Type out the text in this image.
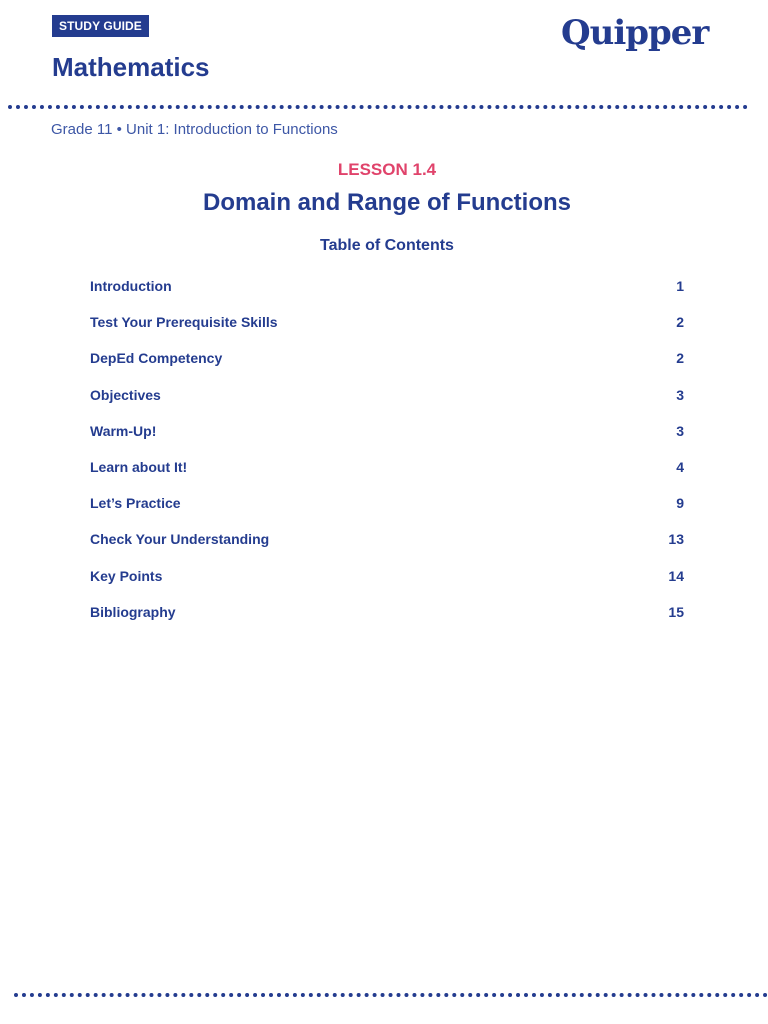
STUDY GUIDE
Mathematics
Quipper
Grade 11 • Unit 1: Introduction to Functions
LESSON 1.4
Domain and Range of Functions
Table of Contents
Introduction	1
Test Your Prerequisite Skills	2
DepEd Competency	2
Objectives	3
Warm-Up!	3
Learn about It!	4
Let’s Practice	9
Check Your Understanding	13
Key Points	14
Bibliography	15
